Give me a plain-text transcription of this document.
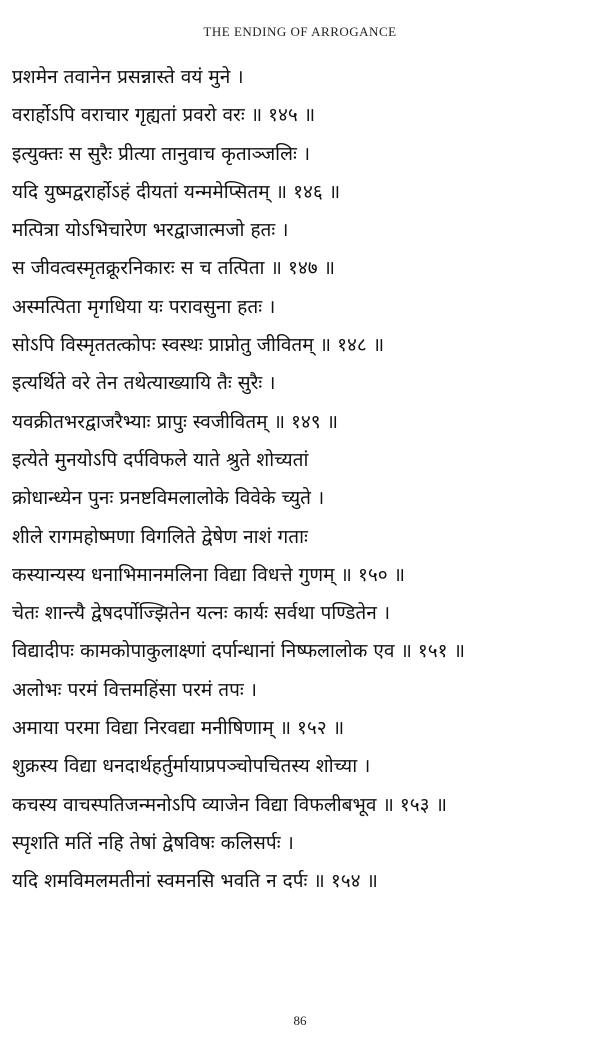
THE ENDING OF ARROGANCE
प्रशमेन तवानेन प्रसन्नास्ते वयं मुने ।
वरार्होऽपि वराचार गृह्यतां प्रवरो वरः ॥ १४५ ॥
इत्युक्तः स सुरैः प्रीत्या तानुवाच कृताञ्जलिः ।
यदि युष्मद्वरार्होऽहं दीयतां यन्ममेप्सितम् ॥ १४६ ॥
मत्पित्रा योऽभिचारेण भरद्वाजात्मजो हतः ।
स जीवत्वस्मृतक्रूरनिकारः स च तत्पिता ॥ १४७ ॥
अस्मत्पिता मृगधिया यः परावसुना हतः ।
सोऽपि विस्मृततत्कोपः स्वस्थः प्राप्नोतु जीवितम् ॥ १४८ ॥
इत्यर्थिते वरे तेन तथेत्याख्यायि तैः सुरैः ।
यवक्रीतभरद्वाजरैभ्याः प्रापुः स्वजीवितम् ॥ १४९ ॥
इत्येते मुनयोऽपि दर्पविफले याते श्रुते शोच्यतां
क्रोधान्ध्येन पुनः प्रनष्टविमलालोके विवेके च्युते ।
शीले रागमहोष्मणा विगलिते द्वेषेण नाशं गताः
कस्यान्यस्य धनाभिमानमलिना विद्या विधत्ते गुणम् ॥ १५० ॥
चेतः शान्त्यै द्वेषदर्पोज्झितेन यत्नः कार्यः सर्वथा पण्डितेन ।
विद्यादीपः कामकोपाकुलाक्ष्णां दर्पान्धानां निष्फलालोक एव ॥ १५१ ॥
अलोभः परमं वित्तमहिंसा परमं तपः ।
अमाया परमा विद्या निरवद्या मनीषिणाम् ॥ १५२ ॥
शुक्रस्य विद्या धनदार्थहर्तुर्मायाप्रपञ्चोपचितस्य शोच्या ।
कचस्य वाचस्पतिजन्मनोऽपि व्याजेन विद्या विफलीबभूव ॥ १५३ ॥
स्पृशति मतिं नहि तेषां द्वेषविषः कलिसर्पः ।
यदि शमविमलमतीनां स्वमनसि भवति न दर्पः ॥ १५४ ॥
86
